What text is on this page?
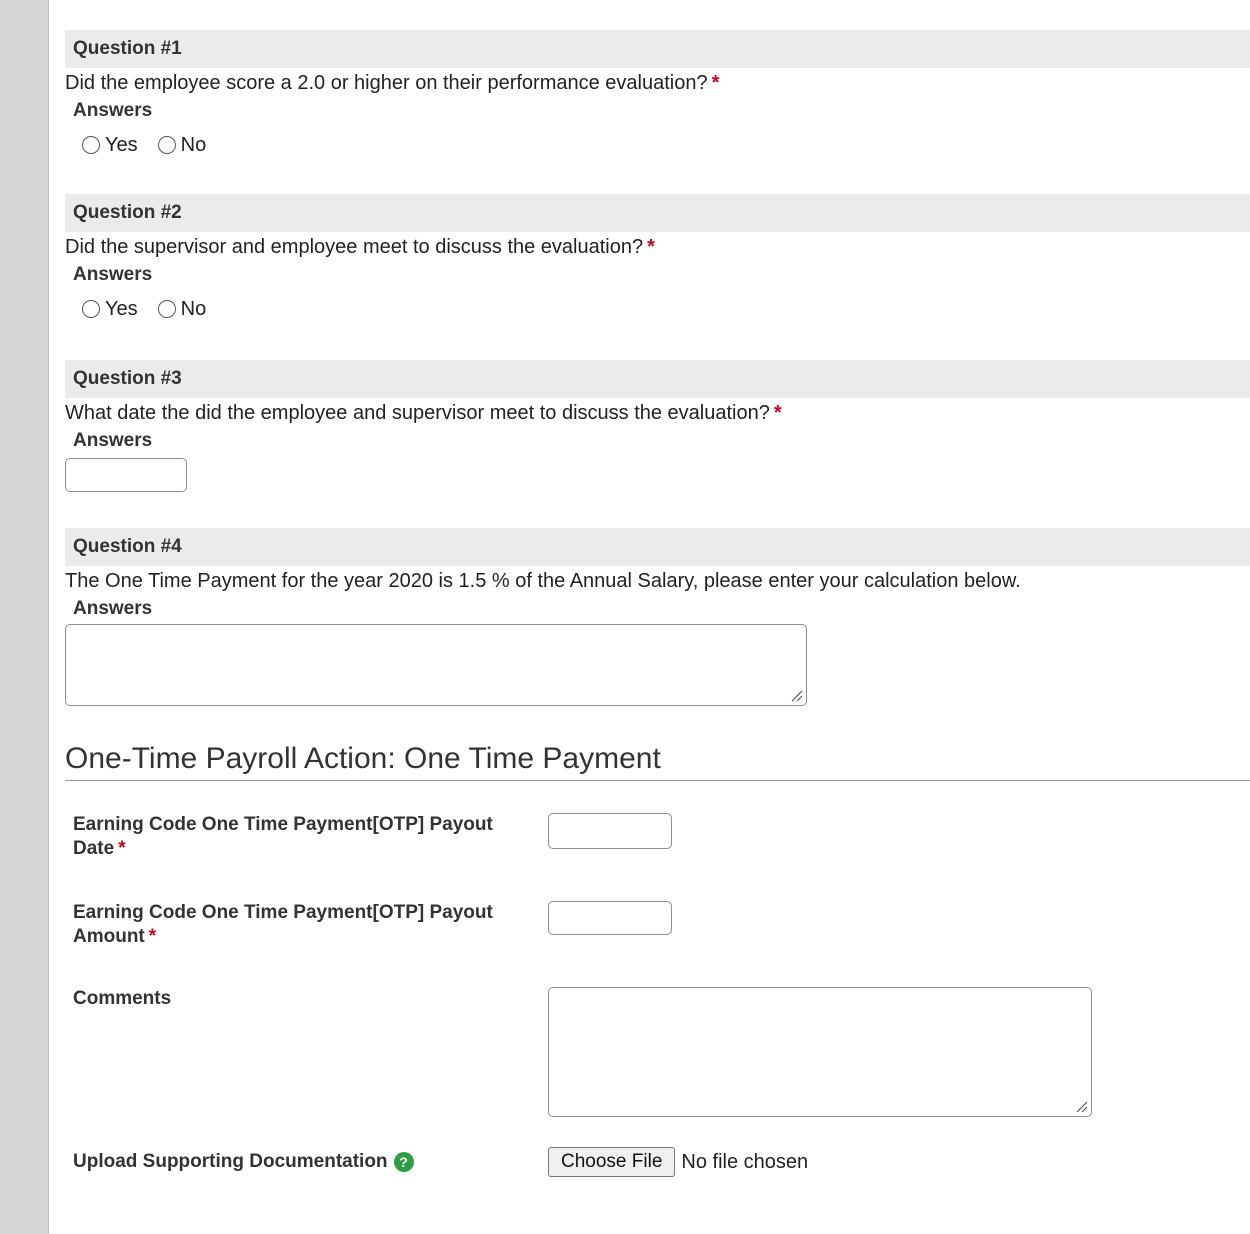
Question #1
Did the employee score a 2.0 or higher on their performance evaluation? *
Answers
Yes No
Question #2
Did the supervisor and employee meet to discuss the evaluation? *
Answers
Yes No
Question #3
What date the did the employee and supervisor meet to discuss the evaluation? *
Answers
Question #4
The One Time Payment for the year 2020 is 1.5 % of the Annual Salary, please enter your calculation below.
Answers
One-Time Payroll Action: One Time Payment
Earning Code One Time Payment[OTP] Payout
Date *
Earning Code One Time Payment[OTP] Payout
Amount *
Comments
Upload Supporting Documentation ?	Choose File No file chosen
